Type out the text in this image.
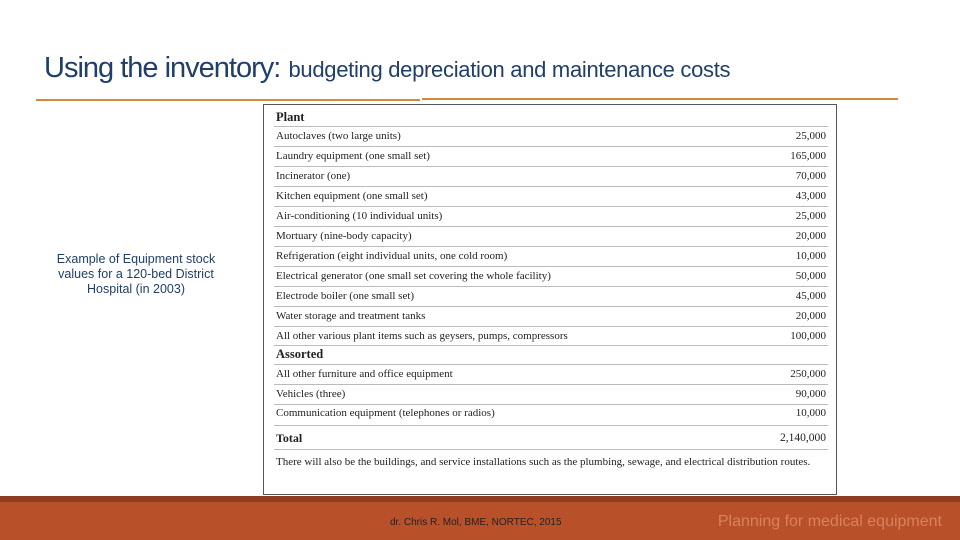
Using the inventory: budgeting depreciation and maintenance costs
Example of Equipment stock values for a 120-bed District Hospital (in 2003)
Plant
Autoclaves (two large units)	25,000
Laundry equipment (one small set)	165,000
Incinerator (one)	70,000
Kitchen equipment (one small set)	43,000
Air-conditioning (10 individual units)	25,000
Mortuary (nine-body capacity)	20,000
Refrigeration (eight individual units, one cold room)	10,000
Electrical generator (one small set covering the whole facility)	50,000
Electrode boiler (one small set)	45,000
Water storage and treatment tanks	20,000
All other various plant items such as geysers, pumps, compressors	100,000
Assorted
All other furniture and office equipment	250,000
Vehicles (three)	90,000
Communication equipment (telephones or radios)	10,000
Total	2,140,000
There will also be the buildings, and service installations such as the plumbing, sewage, and electrical distribution routes.
dr. Chris R. Mol, BME, NORTEC, 2015	Planning for medical equipment
